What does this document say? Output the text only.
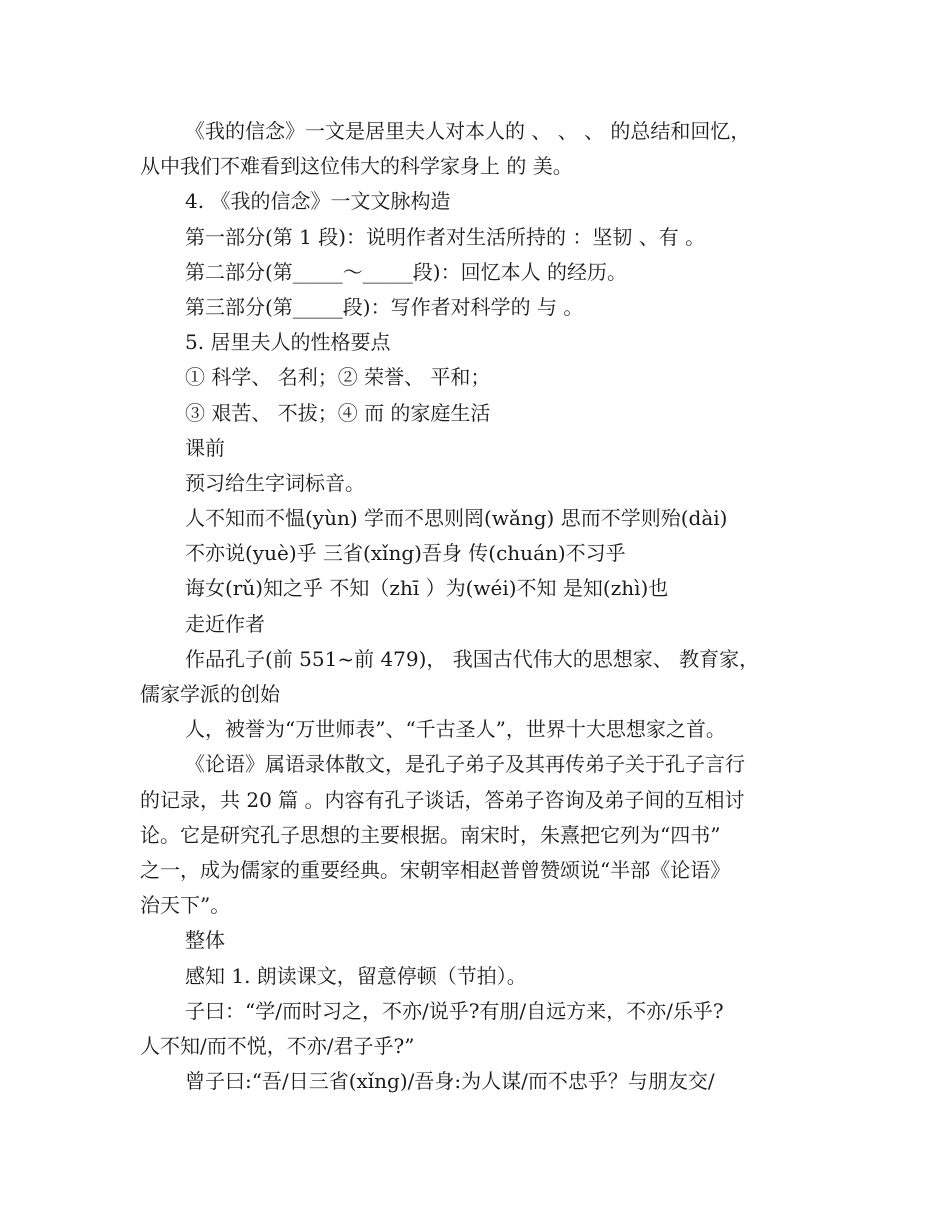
《我的信念》一文是居里夫人对本人的 、 、 、 的总结和回忆，
从中我们不难看到这位伟大的科学家身上 的 美。
4. 《我的信念》一文文脉构造
第一部分(第 1 段)：说明作者对生活所持的 ：坚韧 、有 。
第二部分(第_____～_____段)：回忆本人 的经历。
第三部分(第_____段)：写作者对科学的 与 。
5. 居里夫人的性格要点
① 科学、 名利；② 荣誉、 平和；
③ 艰苦、 不拔；④ 而 的家庭生活
课前
预习给生字词标音。
人不知而不愠(yùn) 学而不思则罔(wǎng) 思而不学则殆(dài)
不亦说(yuè)乎 三省(xǐng)吾身 传(chuán)不习乎
诲女(rǔ)知之乎 不知（zhī ）为(wéi)不知 是知(zhì)也
走近作者
作品孔子(前 551~前 479)， 我国古代伟大的思想家、 教育家，
儒家学派的创始
人，被誉为“万世师表”、“千古圣人”，世界十大思想家之首。
《论语》属语录体散文，是孔子弟子及其再传弟子关于孔子言行
的记录，共 20 篇 。内容有孔子谈话，答弟子咨询及弟子间的互相讨
论。它是研究孔子思想的主要根据。南宋时，朱熹把它列为“四书”
之一，成为儒家的重要经典。宋朝宰相赵普曾赞颂说“半部《论语》
治天下”。
整体
感知 1. 朗读课文，留意停顿（节拍）。
子曰：“学/而时习之，不亦/说乎?有朋/自远方来，不亦/乐乎?
人不知/而不悦，不亦/君子乎?”
曾子曰:“吾/日三省(xǐng)/吾身:为人谋/而不忠乎？与朋友交/
